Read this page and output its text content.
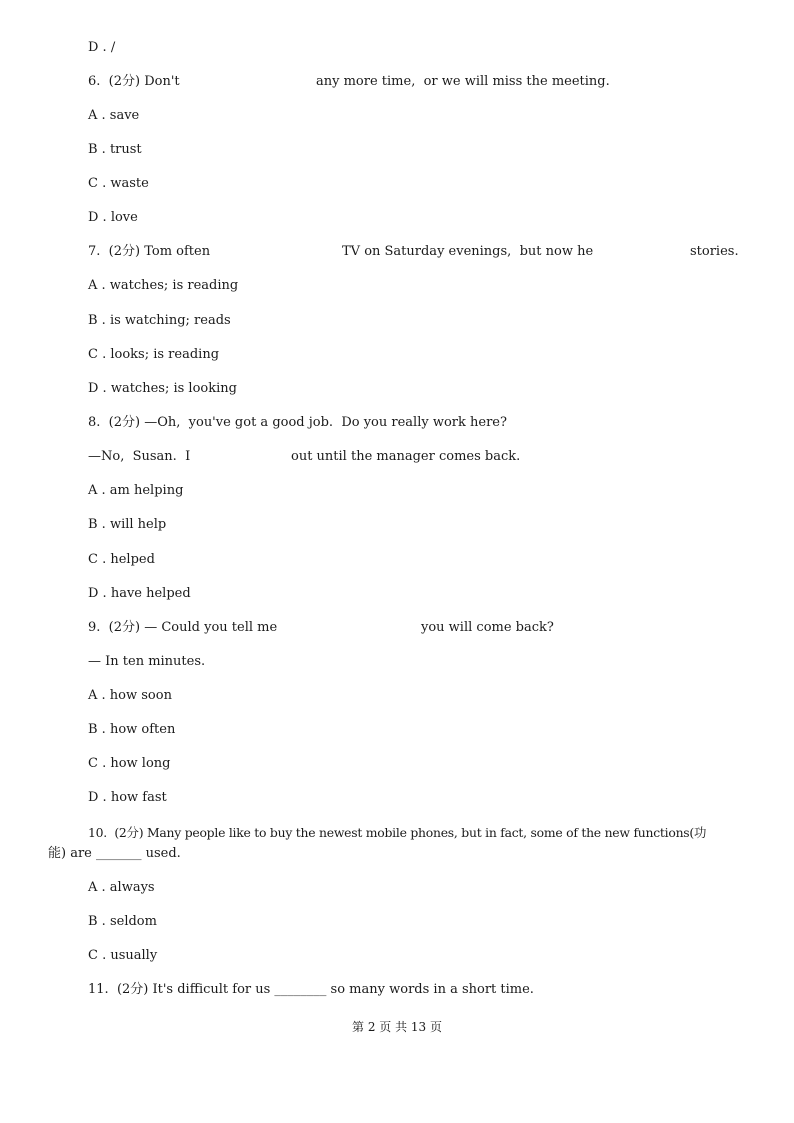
D . /
6.  (2分) Don't	any more time,  or we will miss the meeting.
A . save
B . trust
C . waste
D . love
7.  (2分) Tom often	TV on Saturday evenings,  but now he	stories.
A . watches; is reading
B . is watching; reads
C . looks; is reading
D . watches; is looking
8.  (2分) —Oh,  you've got a good job.  Do you really work here?
—No,  Susan.  I	out until the manager comes back.
A . am helping
B . will help
C . helped
D . have helped
9.  (2分) — Could you tell me	you will come back?
— In ten minutes.
A . how soon
B . how often
C . how long
D . how fast
10.  (2分) Many people like to buy the newest mobile phones, but in fact, some of the new functions(功
能) are _______ used.
A . always
B . seldom
C . usually
11.  (2分) It's difficult for us ________ so many words in a short time.
第 2 页 共 13 页
